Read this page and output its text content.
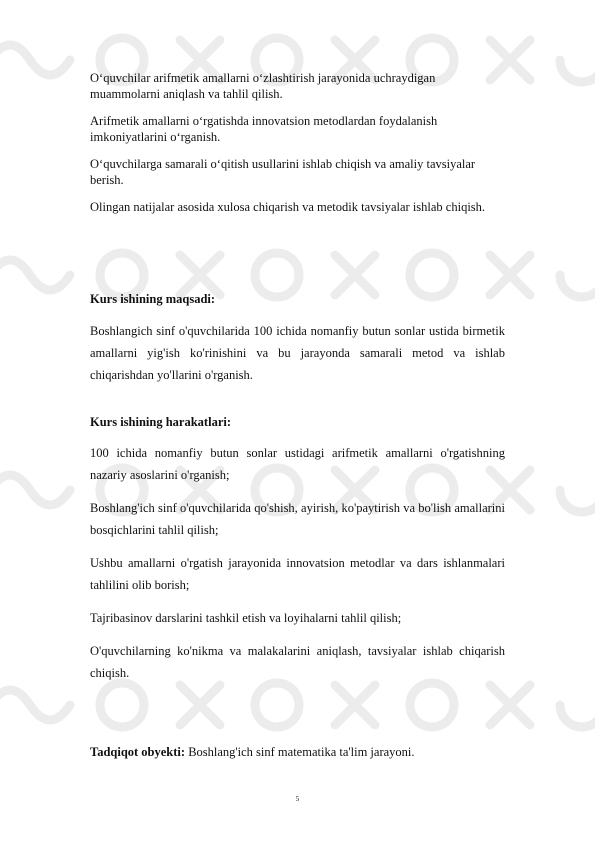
O‘quvchilar arifmetik amallarni o‘zlashtirish jarayonida uchraydigan muammolarni aniqlash va tahlil qilish.

Arifmetik amallarni o‘rgatishda innovatsion metodlardan foydalanish imkoniyatlarini o‘rganish.

O‘quvchilarga samarali o‘qitish usullarini ishlab chiqish va amaliy tavsiyalar berish.

Olingan natijalar asosida xulosa chiqarish va metodik tavsiyalar ishlab chiqish.

Kurs ishining maqsadi:

Boshlangich sinf o'quvchilarida 100 ichida nomanfiy butun sonlar ustida birmetik amallarni yig'ish ko'rinishini va bu jarayonda samarali metod va ishlab chiqarishdan yo'llarini o'rganish.

Kurs ishining harakatlari:

100 ichida nomanfiy butun sonlar ustidagi arifmetik amallarni o'rgatishning nazariy asoslarini o'rganish;

Boshlang'ich sinf o'quvchilarida qo'shish, ayirish, ko'paytirish va bo'lish amallarini bosqichlarini tahlil qilish;

Ushbu amallarni o'rgatish jarayonida innovatsion metodlar va dars ishlanmalari tahlilini olib borish;

Tajribasinov darslarini tashkil etish va loyihalarni tahlil qilish;

O'quvchilarning ko'nikma va malakalarini aniqlash, tavsiyalar ishlab chiqarish chiqish.

Tadqiqot obyekti: Boshlang'ich sinf matematika ta'lim jarayoni.

5
